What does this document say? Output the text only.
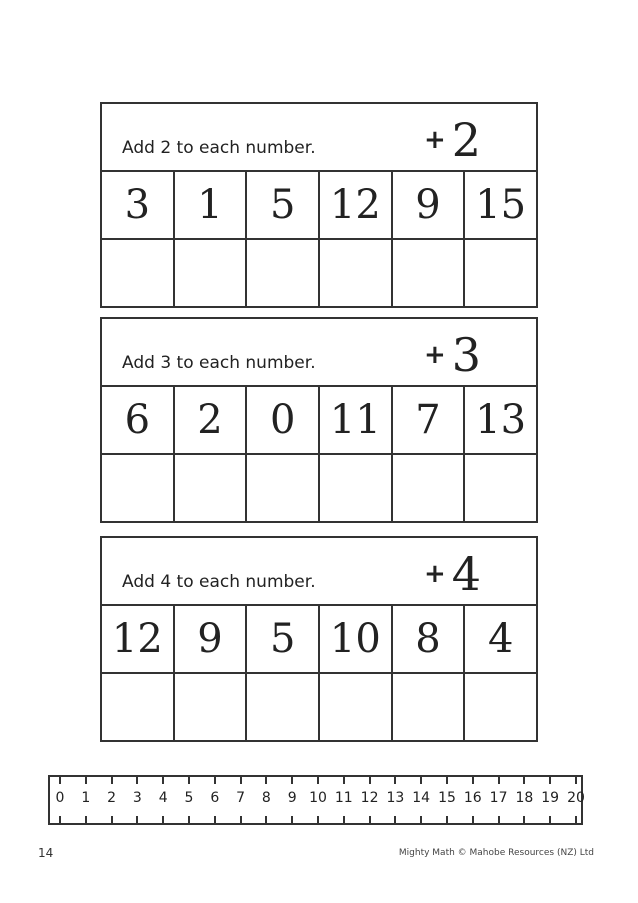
Add 2 to each number.	+ 2
3	1	5 12 9 15
Add 3 to each number.	+ 3
6	2	0 11 7 13
Add 4 to each number.	+ 4
12 9	5 10 8	4
0 1 2 3 4 5 6 7 8 9 10 11 12 13 14 15 16 17 18 19 20
14	Mighty Math © Mahobe Resources (NZ) Ltd
